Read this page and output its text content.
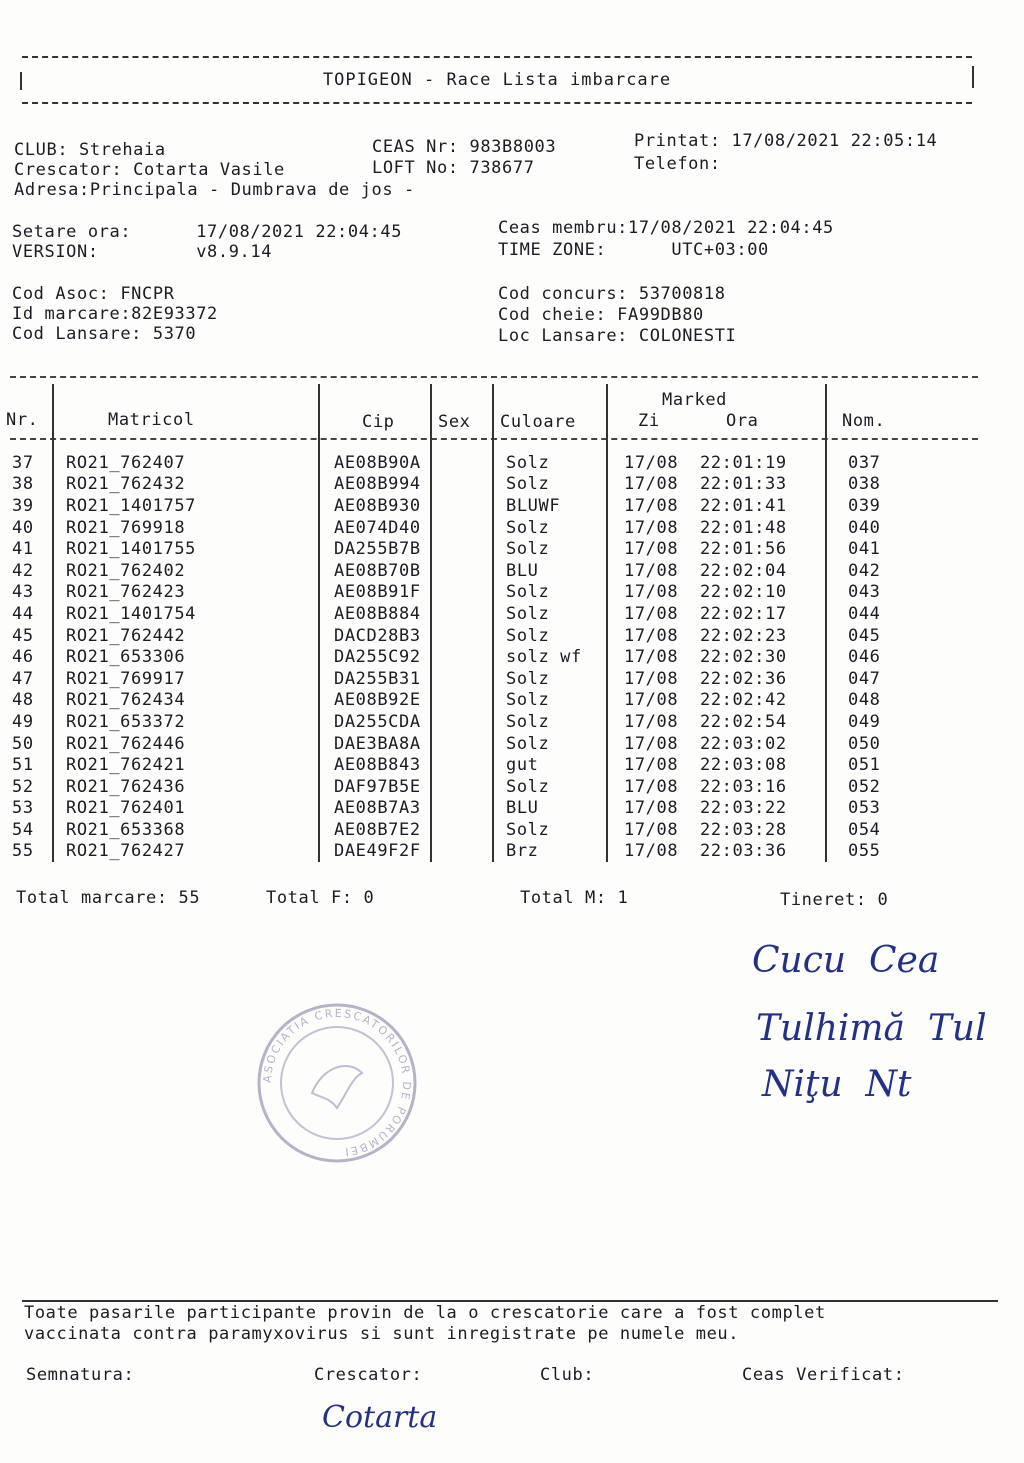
TOPIGEON - Race Lista imbarcare
CLUB: Strehaia
Crescator: Cotarta Vasile
Adresa:Principala - Dumbrava de jos -
CEAS Nr: 983B8003
LOFT No: 738677
Printat: 17/08/2021 22:05:14
Telefon:
Setare ora:      17/08/2021 22:04:45
VERSION:         v8.9.14
Ceas membru:17/08/2021 22:04:45
TIME ZONE:      UTC+03:00
Cod Asoc: FNCPR
Id marcare:82E93372
Cod Lansare: 5370
Cod concurs: 53700818
Cod cheie: FA99DB80
Loc Lansare: COLONESTI
Nr.	Matricol	Cip	Sex Culoare
Marked
Zi	Ora	Nom.
37	RO21_762407	AE08B90A		Solz	17/08	22:01:19	037
38	RO21_762432	AE08B994		Solz	17/08	22:01:33	038
39	RO21_1401757	AE08B930		BLUWF	17/08	22:01:41	039
40	RO21_769918	AE074D40		Solz	17/08	22:01:48	040
41	RO21_1401755	DA255B7B		Solz	17/08	22:01:56	041
42	RO21_762402	AE08B70B		BLU	17/08	22:02:04	042
43	RO21_762423	AE08B91F		Solz	17/08	22:02:10	043
44	RO21_1401754	AE08B884		Solz	17/08	22:02:17	044
45	RO21_762442	DACD28B3		Solz	17/08	22:02:23	045
46	RO21_653306	DA255C92		solz wf	17/08	22:02:30	046
47	RO21_769917	DA255B31		Solz	17/08	22:02:36	047
48	RO21_762434	AE08B92E		Solz	17/08	22:02:42	048
49	RO21_653372	DA255CDA		Solz	17/08	22:02:54	049
50	RO21_762446	DAE3BA8A		Solz	17/08	22:03:02	050
51	RO21_762421	AE08B843		gut	17/08	22:03:08	051
52	RO21_762436	DAF97B5E		Solz	17/08	22:03:16	052
53	RO21_762401	AE08B7A3		BLU	17/08	22:03:22	053
54	RO21_653368	AE08B7E2		Solz	17/08	22:03:28	054
55	RO21_762427	DAE49F2F		Brz	17/08	22:03:36	055
Total marcare: 55	Total F: 0	Total M: 1	Tineret: 0
Cucu  Cea
Tulhimă  Tul
Niţu  Nt
ASOCIATIA CRESCATORILOR DE PORUMBEI
Toate pasarile participante provin de la o crescatorie care a fost complet
vaccinata contra paramyxovirus si sunt inregistrate pe numele meu.
Semnatura:	Crescator:	Club:	Ceas Verificat:
Cotarta
